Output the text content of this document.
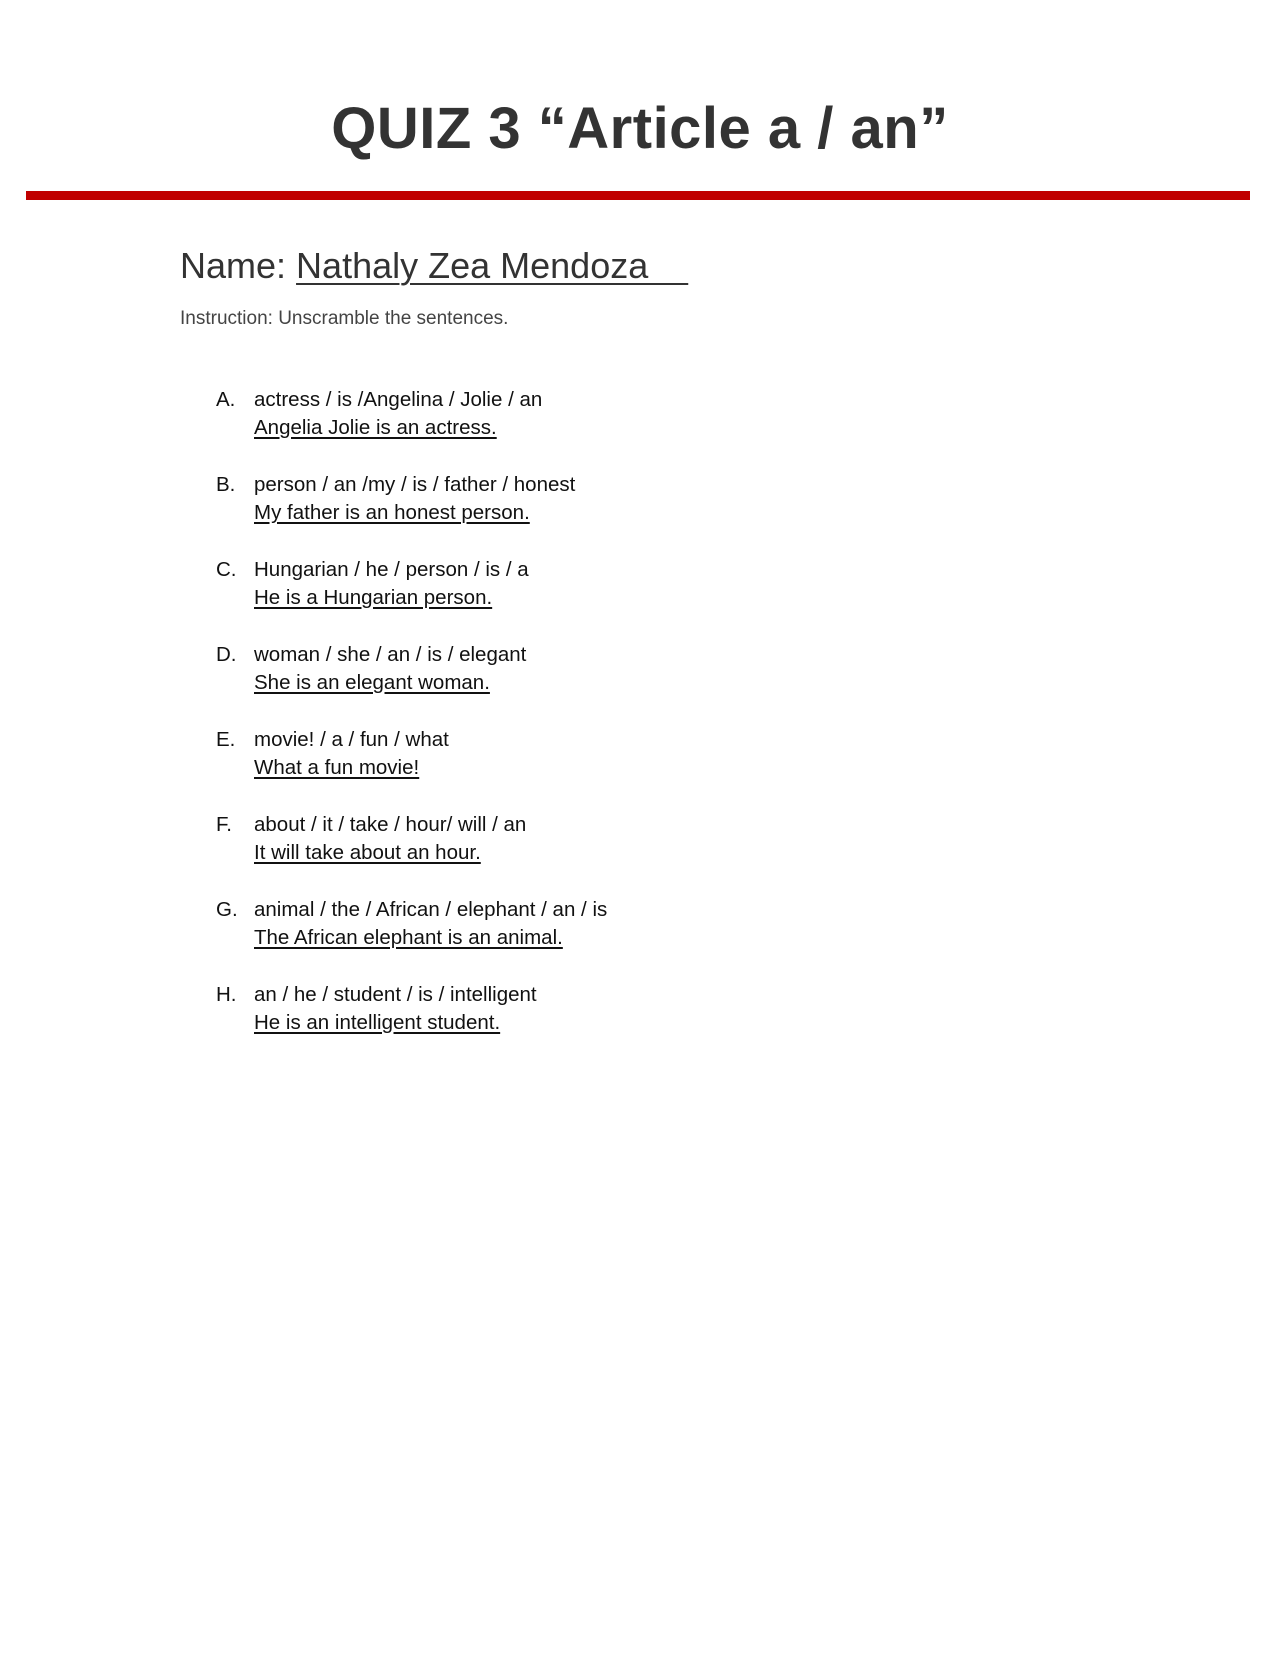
QUIZ 3 “Article a / an”
Name: Nathaly Zea Mendoza
Instruction: Unscramble the sentences.
A. actress / is /Angelina / Jolie / an
Angelia Jolie is an actress.
B. person / an /my / is / father / honest
My father is an honest person.
C. Hungarian / he / person / is / a
He is a Hungarian person.
D. woman / she / an / is / elegant
She is an elegant woman.
E. movie! / a / fun / what
What a fun movie!
F. about / it / take / hour/ will / an
It will take about an hour.
G. animal / the / African / elephant / an / is
The African elephant is an animal.
H. an / he / student / is / intelligent
He is an intelligent student.
